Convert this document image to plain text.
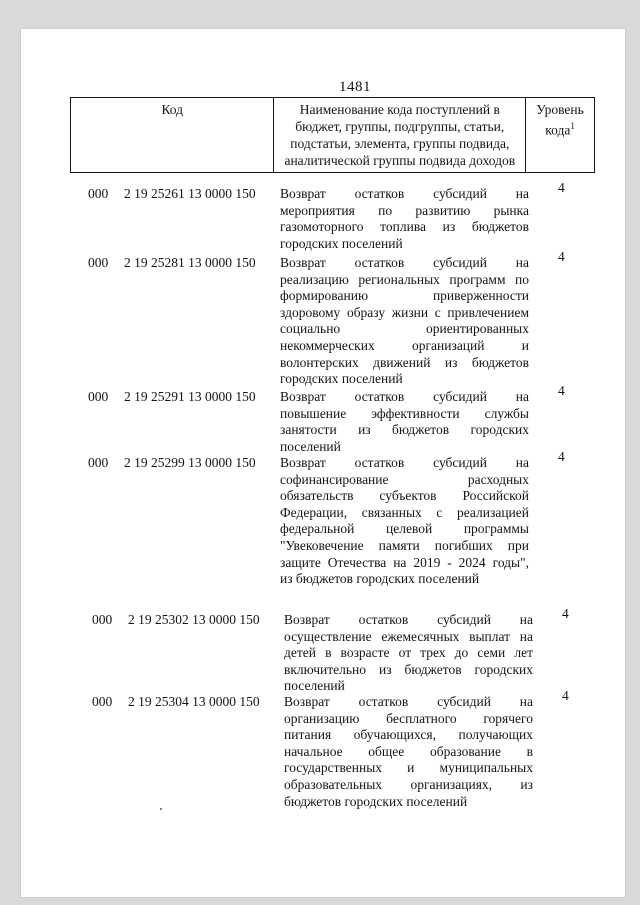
1481
Код	Наименование кода поступлений в бюджет, группы, подгруппы, статьи, подстатьи, элемента, группы подвида, аналитической группы подвида доходов	Уровень кода$^1$
000 2 19 25261 13 0000 150 Возврат остатков субсидий на
мероприятия по развитию рынка
газомоторного топлива из бюджетов
городских поселений
4
000 2 19 25281 13 0000 150 Возврат остатков субсидий на
реализацию региональных программ по
формированию приверженности
здоровому образу жизни с привлечением
социально ориентированных
некоммерческих организаций и
волонтерских движений из бюджетов
городских поселений
4
000 2 19 25291 13 0000 150 Возврат остатков субсидий на
повышение эффективности службы
занятости из бюджетов городских
поселений
4
000 2 19 25299 13 0000 150 Возврат остатков субсидий на
софинансирование расходных
обязательств субъектов Российской
Федерации, связанных с реализацией
федеральной целевой программы
"Увековечение памяти погибших при
защите Отечества на 2019 - 2024 годы",
из бюджетов городских поселений
4
000 2 19 25302 13 0000 150 Возврат остатков субсидий на
осуществление ежемесячных выплат на
детей в возрасте от трех до семи лет
включительно из бюджетов городских
поселений
4
000 2 19 25304 13 0000 150 Возврат остатков субсидий на
организацию бесплатного горячего
питания обучающихся, получающих
начальное общее образование в
государственных и муниципальных
образовательных организациях, из
бюджетов городских поселений
4
